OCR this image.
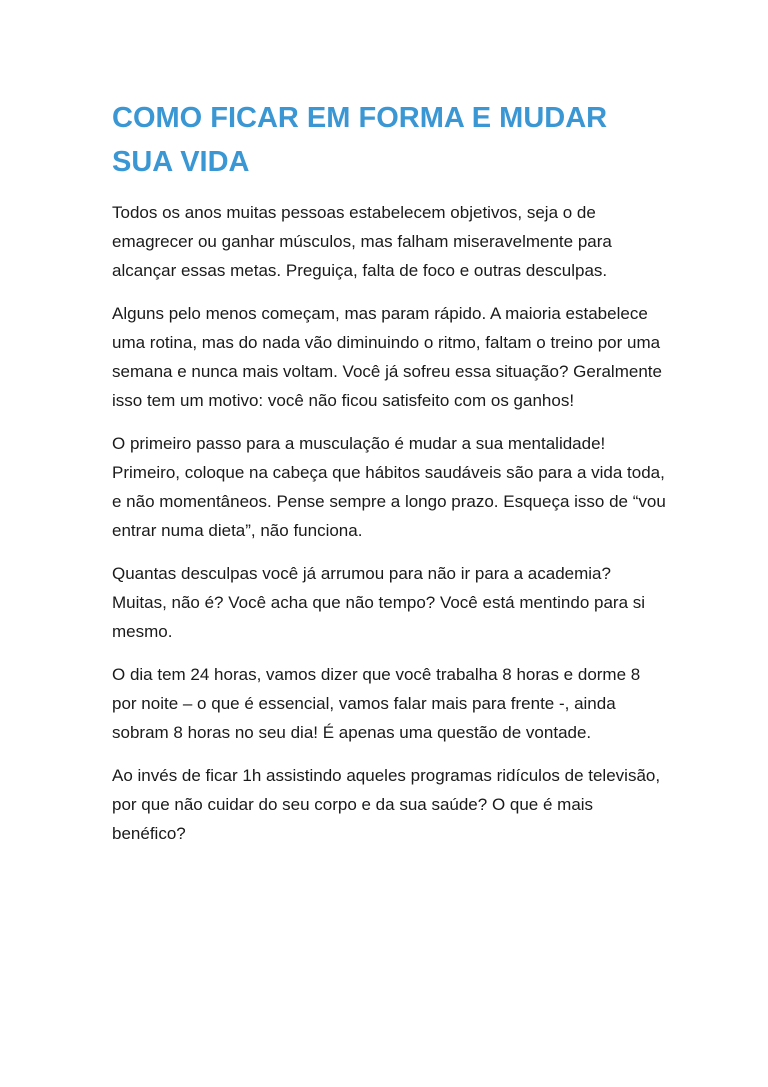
COMO FICAR EM FORMA E MUDAR SUA VIDA

Todos os anos muitas pessoas estabelecem objetivos, seja o de emagrecer ou ganhar músculos, mas falham miseravelmente para alcançar essas metas. Preguiça, falta de foco e outras desculpas.

Alguns pelo menos começam, mas param rápido. A maioria estabelece uma rotina, mas do nada vão diminuindo o ritmo, faltam o treino por uma semana e nunca mais voltam. Você já sofreu essa situação? Geralmente isso tem um motivo: você não ficou satisfeito com os ganhos!

O primeiro passo para a musculação é mudar a sua mentalidade! Primeiro, coloque na cabeça que hábitos saudáveis são para a vida toda, e não momentâneos. Pense sempre a longo prazo. Esqueça isso de “vou entrar numa dieta”, não funciona.

Quantas desculpas você já arrumou para não ir para a academia? Muitas, não é? Você acha que não tempo? Você está mentindo para si mesmo.

O dia tem 24 horas, vamos dizer que você trabalha 8 horas e dorme 8 por noite – o que é essencial, vamos falar mais para frente -, ainda sobram 8 horas no seu dia! É apenas uma questão de vontade.

Ao invés de ficar 1h assistindo aqueles programas ridículos de televisão, por que não cuidar do seu corpo e da sua saúde? O que é mais benéfico?
